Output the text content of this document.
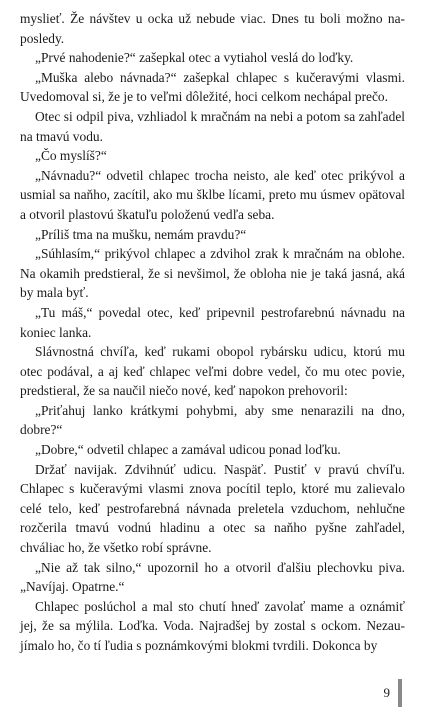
myslieť. Že návštev u ocka už nebude viac. Dnes tu boli možno naposledy.

„Prvé nahodenie?“ zašepkal otec a vytiahol veslá do loďky.

„Muška alebo návnada?“ zašepkal chlapec s kučeravými vlasmi. Uvedomoval si, že je to veľmi dôležité, hoci celkom nechápal prečo.

Otec si odpil piva, vzhliadol k mračnám na nebi a potom sa zahľadel na tmavú vodu.

„Čo myslíš?“

„Návnadu?“ odvetil chlapec trocha neisto, ale keď otec prikývol a usmial sa naňho, zacítil, ako mu šklbe lícami, preto mu úsmev opätoval a otvoril plastovú škatuľu položenú vedľa seba.

„Príliš tma na mušku, nemám pravdu?“

„Súhlasím,“ prikývol chlapec a zdvihol zrak k mračnám na oblohe. Na okamih predstieral, že si nevšimol, že obloha nie je taká jasná, aká by mala byť.

„Tu máš,“ povedal otec, keď pripevnil pestrofarebnú návnadu na koniec lanka.

Slávnostná chvíľa, keď rukami obopol rybársku udicu, ktorú mu otec podával, a aj keď chlapec veľmi dobre vedel, čo mu otec povie, predstieral, že sa naučil niečo nové, keď napokon prehovoril:

„Priťahuj lanko krátkymi pohybmi, aby sme nenarazili na dno, dobre?“

„Dobre,“ odvetil chlapec a zamával udicou ponad loďku.

Držať navijak. Zdvihnúť udicu. Naspäť. Pustiť v pravú chvíľu. Chlapec s kučeravými vlasmi znova pocítil teplo, ktoré mu zalievalo celé telo, keď pestrofarebná návnada preletela vzduchom, nehlučne rozčerila tmavú vodnú hladinu a otec sa naňho pyšne zahľadel, chváliac ho, že všetko robí správne.

„Nie až tak silno,“ upozornil ho a otvoril ďalšiu plechovku piva. „Navíjaj. Opatrne.“

Chlapec poslúchol a mal sto chutí hneď zavolať mame a oznámiť jej, že sa mýlila. Loďka. Voda. Najradšej by zostal s ockom. Nezaujímalo ho, čo tí ľudia s poznámkovými blokmi tvrdili. Dokonca by

9
